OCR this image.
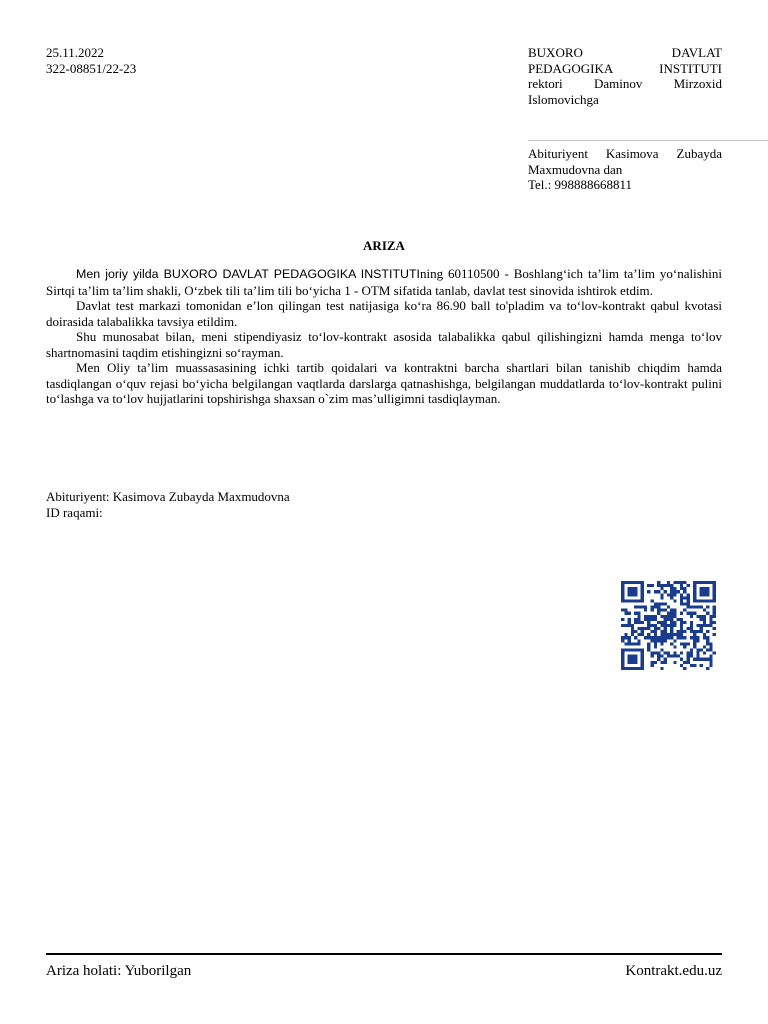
25.11.2022
322-08851/22-23
BUXORO DAVLAT
PEDAGOGIKA INSTITUTI
rektori Daminov Mirzoxid
Islomovichga
Abituriyent Kasimova Zubayda
Maxmudovna dan
Tel.: 998888668811
ARIZA

Men joriy yilda BUXORO DAVLAT PEDAGOGIKA INSTITUTIning 60110500 - Boshlang‘ich ta’lim ta’lim yo‘nalishini Sirtqi ta’lim ta’lim shakli, O‘zbek tili ta’lim tili bo‘yicha 1 - OTM sifatida tanlab, davlat test sinovida ishtirok etdim.

Davlat test markazi tomonidan e’lon qilingan test natijasiga ko‘ra 86.90 ball to'pladim va to‘lov-kontrakt qabul kvotasi doirasida talabalikka tavsiya etildim.

Shu munosabat bilan, meni stipendiyasiz to‘lov-kontrakt asosida talabalikka qabul qilishingizni hamda menga to‘lov shartnomasini taqdim etishingizni so‘rayman.

Men Oliy ta’lim muassasasining ichki tartib qoidalari va kontraktni barcha shartlari bilan tanishib chiqdim hamda tasdiqlangan o‘quv rejasi bo‘yicha belgilangan vaqtlarda darslarga qatnashishga, belgilangan muddatlarda to‘lov-kontrakt pulini to‘lashga va to‘lov hujjatlarini topshirishga shaxsan o`zim mas’ulligimni tasdiqlayman.

Abituriyent: Kasimova Zubayda Maxmudovna
ID raqami:
Ariza holati: Yuborilgan	Kontrakt.edu.uz
